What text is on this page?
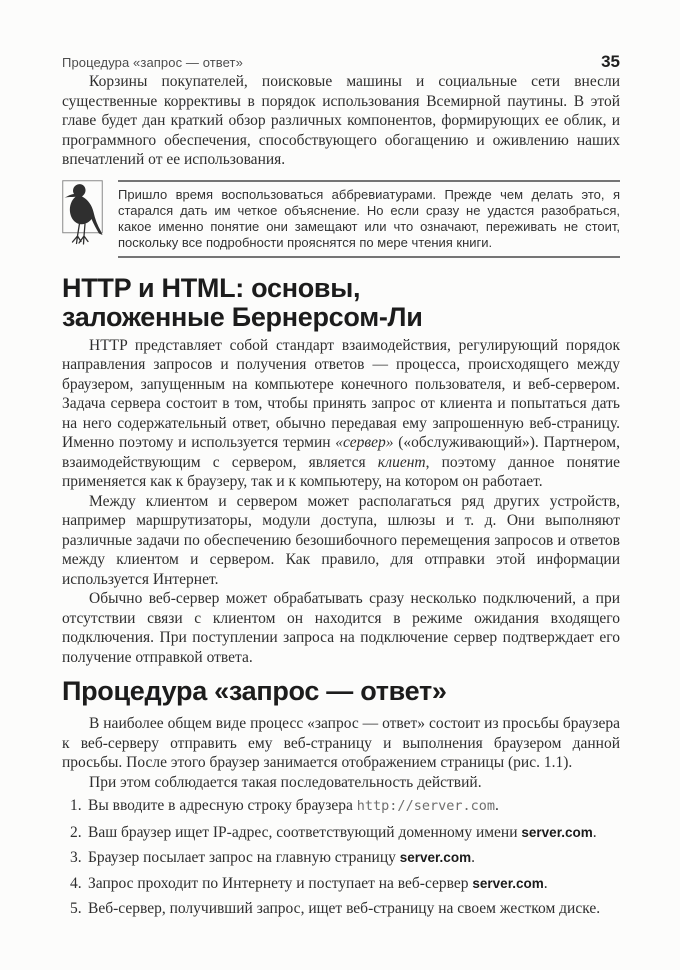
Процедура «запрос — ответ»	35

Корзины покупателей, поисковые машины и социальные сети внесли существенные коррективы в порядок использования Всемирной паутины. В этой главе будет дан краткий обзор различных компонентов, формирующих ее облик, и программного обеспечения, способствующего обогащению и оживлению наших впечатлений от ее использования.

Пришло время воспользоваться аббревиатурами. Прежде чем делать это, я старался дать им четкое объяснение. Но если сразу не удастся разобраться, какое именно понятие они замещают или что означают, переживать не стоит, поскольку все подробности прояснятся по мере чтения книги.
HTTP и HTML: основы,
заложенные Бернерсом-Ли

HTTP представляет собой стандарт взаимодействия, регулирующий порядок направления запросов и получения ответов — процесса, происходящего между браузером, запущенным на компьютере конечного пользователя, и веб-сервером. Задача сервера состоит в том, чтобы принять запрос от клиента и попытаться дать на него содержательный ответ, обычно передавая ему запрошенную веб-страницу. Именно поэтому и используется термин «сервер» («обслуживающий»). Партнером, взаимодействующим с сервером, является клиент, поэтому данное понятие применяется как к браузеру, так и к компьютеру, на котором он работает.

Между клиентом и сервером может располагаться ряд других устройств, например маршрутизаторы, модули доступа, шлюзы и т. д. Они выполняют различные задачи по обеспечению безошибочного перемещения запросов и ответов между клиентом и сервером. Как правило, для отправки этой информации используется Интернет.

Обычно веб-сервер может обрабатывать сразу несколько подключений, а при отсутствии связи с клиентом он находится в режиме ожидания входящего подключения. При поступлении запроса на подключение сервер подтверждает его получение отправкой ответа.

Процедура «запрос — ответ»

В наиболее общем виде процесс «запрос — ответ» состоит из просьбы браузера к веб-серверу отправить ему веб-страницу и выполнения браузером данной просьбы. После этого браузер занимается отображением страницы (рис. 1.1).

При этом соблюдается такая последовательность действий.

1. Вы вводите в адресную строку браузера http://server.com.
2. Ваш браузер ищет IP-адрес, соответствующий доменному имени server.com.
3. Браузер посылает запрос на главную страницу server.com.
4. Запрос проходит по Интернету и поступает на веб-сервер server.com.
5. Веб-сервер, получивший запрос, ищет веб-страницу на своем жестком диске.
